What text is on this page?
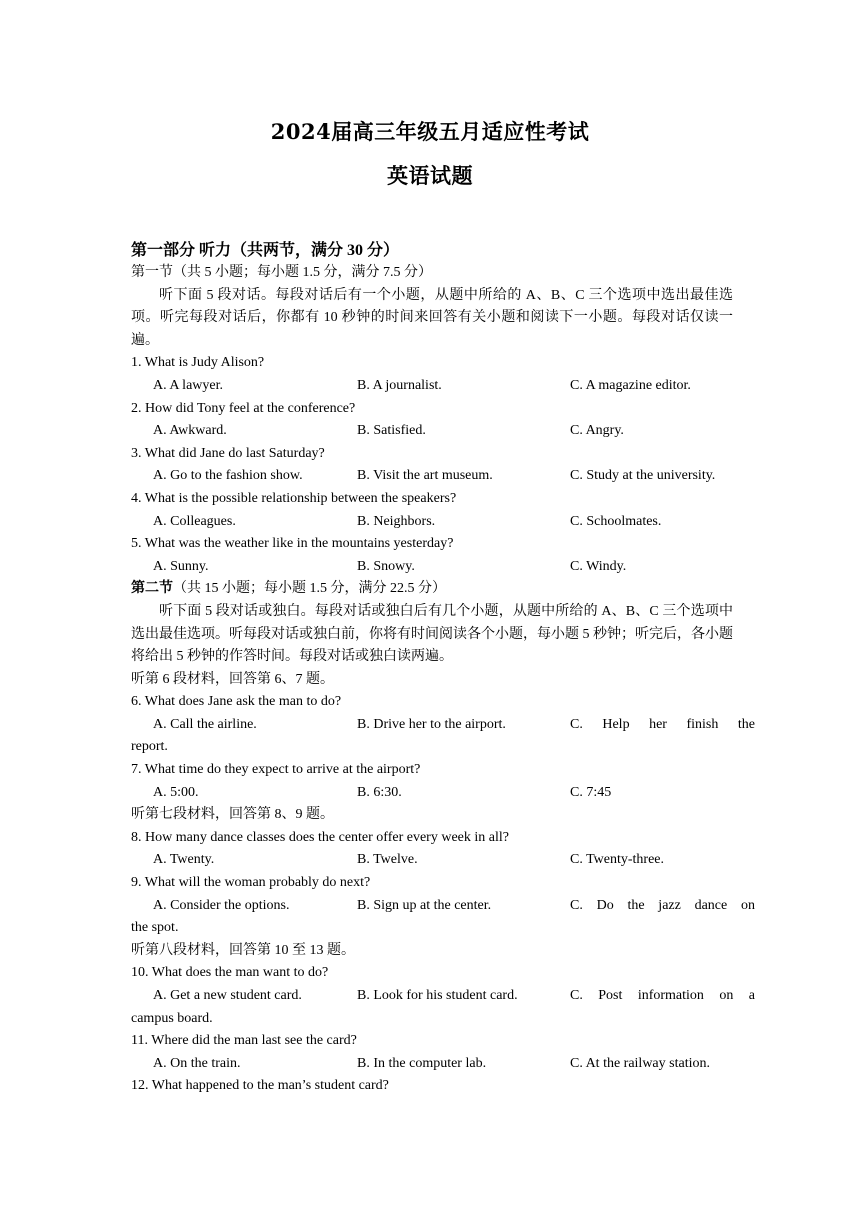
2024届高三年级五月适应性考试
英语试题
第一部分 听力（共两节，满分 30 分）
第一节（共 5 小题；每小题 1.5 分，满分 7.5 分）
听下面 5 段对话。每段对话后有一个小题，从题中所给的 A、B、C 三个选项中选出最佳选项。听完每段对话后，你都有 10 秒钟的时间来回答有关小题和阅读下一小题。每段对话仅读一遍。
1. What is Judy Alison?
A. A lawyer.	B. A journalist.	C. A magazine editor.
2. How did Tony feel at the conference?
A. Awkward.	B. Satisfied.	C. Angry.
3. What did Jane do last Saturday?
A. Go to the fashion show.	B. Visit the art museum.	C. Study at the university.
4. What is the possible relationship between the speakers?
A. Colleagues.	B. Neighbors.	C. Schoolmates.
5. What was the weather like in the mountains yesterday?
A. Sunny.	B. Snowy.	C. Windy.
第二节（共 15 小题；每小题 1.5 分，满分 22.5 分）
听下面 5 段对话或独白。每段对话或独白后有几个小题，从题中所给的 A、B、C 三个选项中选出最佳选项。听每段对话或独白前，你将有时间阅读各个小题，每小题 5 秒钟；听完后，各小题将给出 5 秒钟的作答时间。每段对话或独白读两遍。
听第 6 段材料，回答第 6、7 题。
6. What does Jane ask the man to do?
A. Call the airline.	B. Drive her to the airport.	C. Help her finish the
report.
7. What time do they expect to arrive at the airport?
A. 5:00.	B. 6:30.	C. 7:45
听第七段材料，回答第 8、9 题。
8. How many dance classes does the center offer every week in all?
A. Twenty.	B. Twelve.	C. Twenty-three.
9. What will the woman probably do next?
A. Consider the options.	B. Sign up at the center.	C. Do the jazz dance on
the spot.
听第八段材料，回答第 10 至 13 题。
10. What does the man want to do?
A. Get a new student card.	B. Look for his student card.	C. Post information on a
campus board.
11. Where did the man last see the card?
A. On the train.	B. In the computer lab.	C. At the railway station.
12. What happened to the man’s student card?
